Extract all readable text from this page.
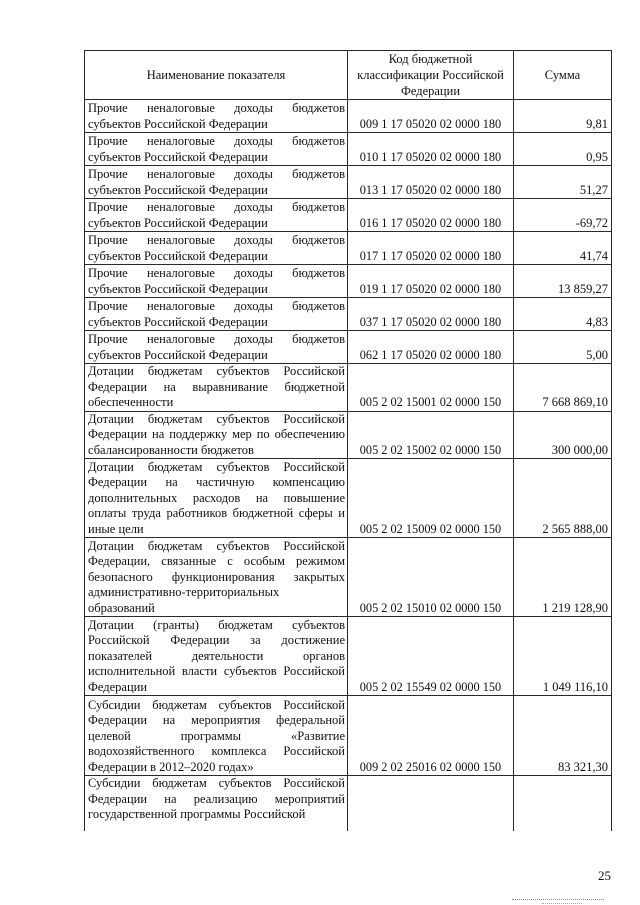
Наименование показателя	Код бюджетной классификации Российской Федерации	Сумма
Прочие неналоговые доходы бюджетов субъектов Российской Федерации	009 1 17 05020 02 0000 180	9,81
Прочие неналоговые доходы бюджетов субъектов Российской Федерации	010 1 17 05020 02 0000 180	0,95
Прочие неналоговые доходы бюджетов субъектов Российской Федерации	013 1 17 05020 02 0000 180	51,27
Прочие неналоговые доходы бюджетов субъектов Российской Федерации	016 1 17 05020 02 0000 180	-69,72
Прочие неналоговые доходы бюджетов субъектов Российской Федерации	017 1 17 05020 02 0000 180	41,74
Прочие неналоговые доходы бюджетов субъектов Российской Федерации	019 1 17 05020 02 0000 180	13 859,27
Прочие неналоговые доходы бюджетов субъектов Российской Федерации	037 1 17 05020 02 0000 180	4,83
Прочие неналоговые доходы бюджетов субъектов Российской Федерации	062 1 17 05020 02 0000 180	5,00
Дотации бюджетам субъектов Российской Федерации на выравнивание бюджетной обеспеченности	005 2 02 15001 02 0000 150	7 668 869,10
Дотации бюджетам субъектов Российской Федерации на поддержку мер по обеспечению сбалансированности бюджетов	005 2 02 15002 02 0000 150	300 000,00
Дотации бюджетам субъектов Российской Федерации на частичную компенсацию дополнительных расходов на повышение оплаты труда работников бюджетной сферы и иные цели	005 2 02 15009 02 0000 150	2 565 888,00
Дотации бюджетам субъектов Российской Федерации, связанные с особым режимом безопасного функционирования закрытых административно-территориальных образований	005 2 02 15010 02 0000 150	1 219 128,90
Дотации (гранты) бюджетам субъектов Российской Федерации за достижение показателей деятельности органов исполнительной власти субъектов Российской Федерации	005 2 02 15549 02 0000 150	1 049 116,10
Субсидии бюджетам субъектов Российской Федерации на мероприятия федеральной целевой программы «Развитие водохозяйственного комплекса Российской Федерации в 2012–2020 годах»	009 2 02 25016 02 0000 150	83 321,30
Субсидии бюджетам субъектов Российской Федерации на реализацию мероприятий государственной программы Российской		
25
